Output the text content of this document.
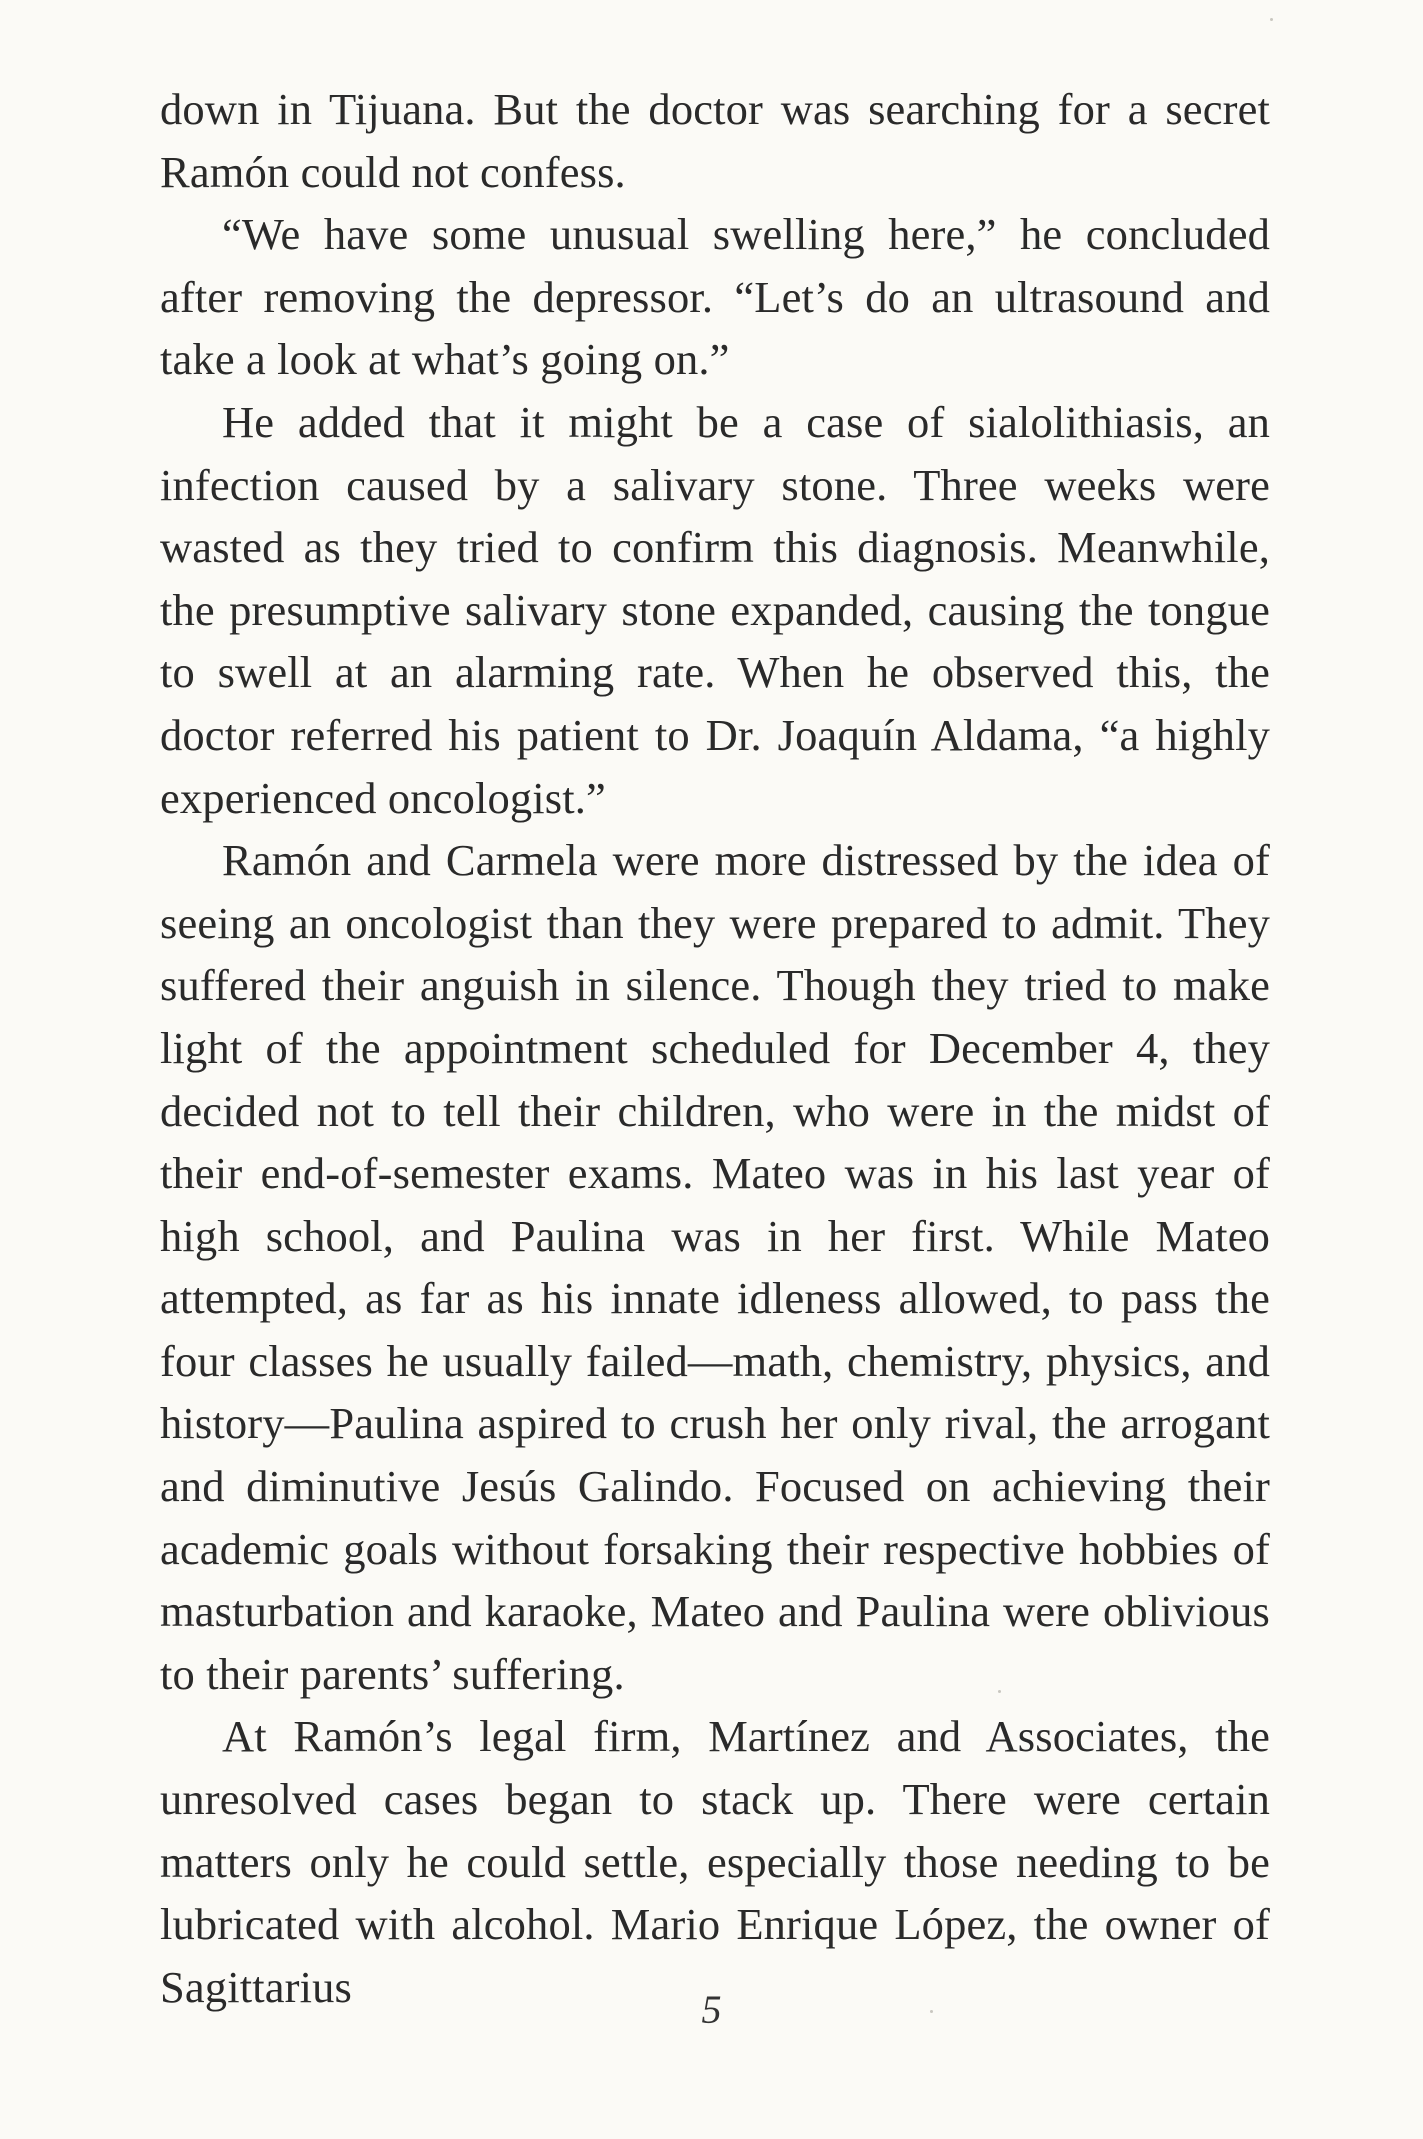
down in Tijuana. But the doctor was searching for a secret Ramón could not confess.

“We have some unusual swelling here,” he concluded after removing the depressor. “Let’s do an ultrasound and take a look at what’s going on.”

He added that it might be a case of sialolithiasis, an infection caused by a salivary stone. Three weeks were wasted as they tried to confirm this diagnosis. Meanwhile, the presumptive salivary stone expanded, causing the tongue to swell at an alarming rate. When he observed this, the doctor referred his patient to Dr. Joaquín Aldama, “a highly experienced oncologist.”

Ramón and Carmela were more distressed by the idea of seeing an oncologist than they were prepared to admit. They suffered their anguish in silence. Though they tried to make light of the appointment scheduled for December 4, they decided not to tell their children, who were in the midst of their end-of-semester exams. Mateo was in his last year of high school, and Paulina was in her first. While Mateo attempted, as far as his innate idleness allowed, to pass the four classes he usually failed—math, chemistry, physics, and history—Paulina aspired to crush her only rival, the arrogant and diminutive Jesús Galindo. Focused on achieving their academic goals without forsaking their respective hobbies of masturbation and karaoke, Mateo and Paulina were oblivious to their parents’ suffering.

At Ramón’s legal firm, Martínez and Associates, the unresolved cases began to stack up. There were certain matters only he could settle, especially those needing to be lubricated with alcohol. Mario Enrique López, the owner of Sagittarius	5
